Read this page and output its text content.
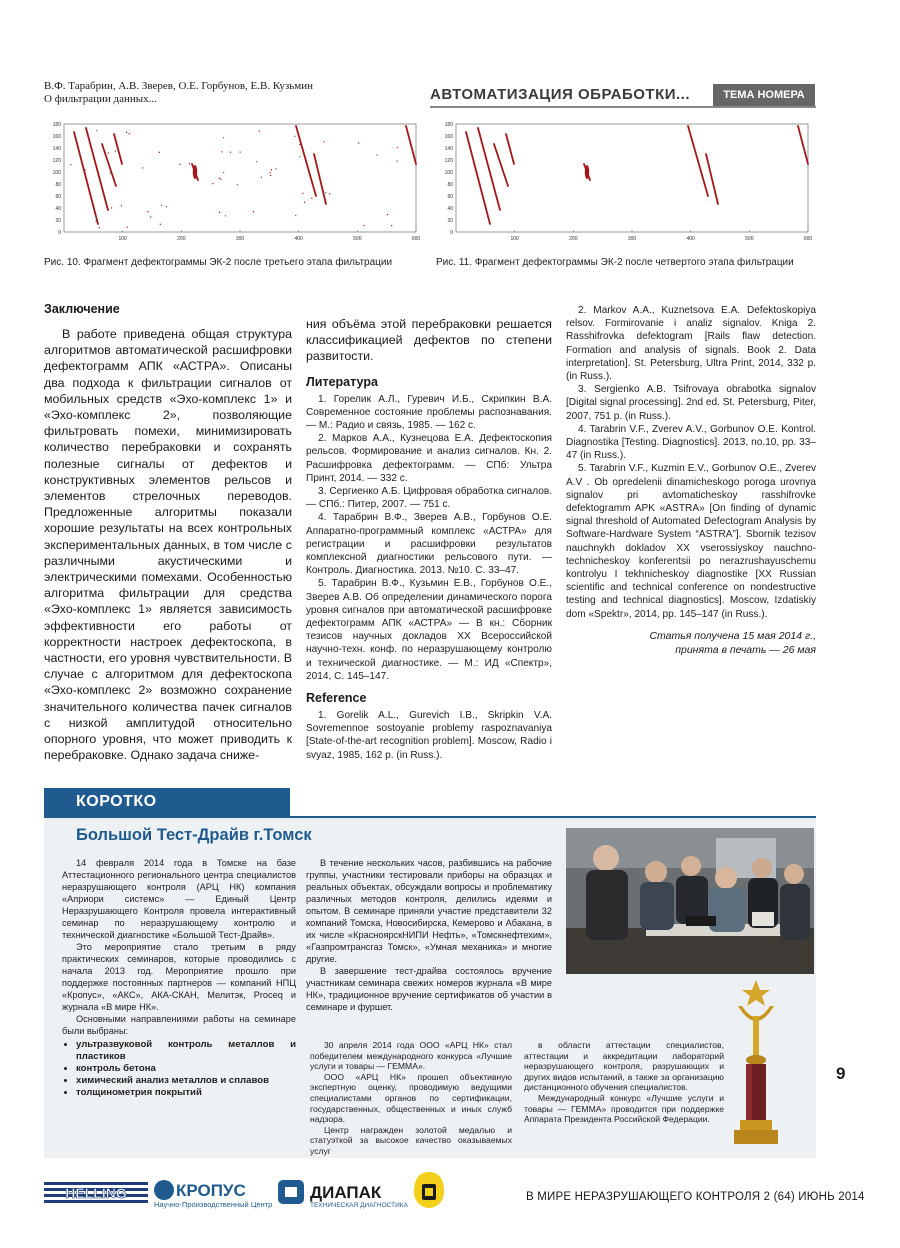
В.Ф. Тарабрин, А.В. Зверев, О.Е. Горбунов, Е.В. Кузьмин
О фильтрации данных...	АВТОМАТИЗАЦИЯ ОБРАБОТКИ...	ТЕМА НОМЕРА
180
160
140
120
100
80
60
40
20
0
100	200	300	400	500	600
Рис. 10. Фрагмент дефектограммы ЭК-2 после третьего этапа фильтрации
180
160
140
120
100
80
60
40
20
0
100	200	300	400	500	600
Рис. 11. Фрагмент дефектограммы ЭК-2 после четвертого этапа фильтрации
Заключение

В работе приведена общая структура алгоритмов автоматической расшифровки дефектограмм АПК «АСТРА». Описаны два подхода к фильтрации сигналов от мобильных средств «Эхо-комплекс 1» и «Эхо-комплекс 2», позволяющие фильтровать помехи, минимизировать количество перебраковки и сохранять полезные сигналы от дефектов и конструктивных элементов рельсов и элементов стрелочных переводов. Предложенные алгоритмы показали хорошие результаты на всех контрольных экспериментальных данных, в том числе с различными акустическими и электрическими помехами. Особенностью алгоритма фильтрации для средства «Эхо-комплекс 1» является зависимость эффективности его работы от корректности настроек дефектоскопа, в частности, его уровня чувствительности. В случае с алгоритмом для дефектоскопа «Эхо-комплекс 2» возможно сохранение значительного количества пачек сигналов с низкой амплитудой относительно опорного уровня, что может приводить к перебраковке. Однако задача сниже-

ния объёма этой перебраковки решается классификацией дефектов по степени развитости.

Литература

1. Горелик А.Л., Гуревич И.Б., Скрипкин В.А. Современное состояние проблемы распознавания. — М.: Радио и связь, 1985. — 162 с.

2. Марков А.А., Кузнецова Е.А. Дефектоскопия рельсов. Формирование и анализ сигналов. Кн. 2. Расшифровка дефектограмм. — СПб: Ультра Принт, 2014. — 332 с.

3. Сергиенко А.Б. Цифровая обработка сигналов. — СПб.: Питер, 2007. — 751 с.

4. Тарабрин В.Ф., Зверев А.В., Горбунов О.Е. Аппаратно-программный комплекс «АСТРА» для регистрации и расшифровки результатов комплексной диагностики рельсового пути. — Контроль. Диагностика. 2013. №10. С. 33–47.

5. Тарабрин В.Ф., Кузьмин Е.В., Горбунов О.Е., Зверев А.В. Об определении динамического порога уровня сигналов при автоматической расшифровке дефектограмм АПК «АСТРА» — В кн.: Сборник тезисов научных докладов XX Всероссийской научно-техн. конф. по неразрушающему контролю и технической диагностике. — М.: ИД «Спектр», 2014, С. 145–147.

Reference

1. Gorelik A.L., Gurevich I.B., Skripkin V.A. Sovremennoe sostoyanie problemy raspoznavaniya [State-of-the-art recognition problem]. Moscow, Radio i svyaz, 1985, 162 p. (in Russ.).

2. Markov A.A., Kuznetsova E.A. Defektoskopiya relsov. Formirovanie i analiz signalov. Kniga 2. Rasshifrovka defektogram [Rails flaw detection. Formation and analysis of signals. Book 2. Data interpretation]. St. Petersburg, Ultra Print, 2014, 332 p. (in Russ.).

3. Sergienko A.B. Tsifrovaya obrabotka signalov [Digital signal processing]. 2nd ed. St. Petersburg, Piter, 2007, 751 p. (in Russ.).

4. Tarabrin V.F., Zverev A.V., Gorbunov O.E. Kontrol. Diagnostika [Testing. Diagnostics]. 2013, no.10, pp. 33–47 (in Russ.).

5. Tarabrin V.F., Kuzmin E.V., Gorbunov O.E., Zverev A.V . Ob opredelenii dinamicheskogo poroga urovnya signalov pri avtomaticheskoy rasshifrovke defektogramm APK «ASTRA» [On finding of dynamic signal threshold of Automated Defectogram Analysis by Software-Hardware System “ASTRA”]. Sbornik tezisov nauchnykh dokladov XX vserossiyskoy nauchno-technicheskoy konferentsii po nerazrushayuschemu kontrolyu I tekhnicheskoy diagnostike [XX Russian scientific and technical conference on nondestructive testing and technical diagnostics]. Moscow, Izdatiskiy dom «Spektr», 2014, pp. 145–147 (in Russ.).

Статья получена 15 мая 2014 г.,
принята в печать — 26 мая
КОРОТКО
Большой Тест-Драйв г.Томск

14 февраля 2014 года в Томске на базе Аттестационного регионального центра специалистов неразрушающего контроля (АРЦ НК) компания «Априори системс» — Единый Центр Неразрушающего Контроля провела интерактивный семинар по неразрушающему контролю и технической диагностике «Большой Тест-Драйв».

Это мероприятие стало третьим в ряду практических семинаров, которые проводились с начала 2013 год. Мероприятие прошло при поддержке постоянных партнеров — компаний НПЦ «Кропус», «АКС», АКА-СКАН, Мелитэк, Proceq и журнала «В мире НК».

Основными направлениями работы на семинаре были выбраны:

• ультразвуковой контроль металлов и пластиков
• контроль бетона
• химический анализ металлов и сплавов
• толщинометрия покрытий

В течение нескольких часов, разбившись на рабочие группы, участники тестировали приборы на образцах и реальных объектах, обсуждали вопросы и проблематику различных методов контроля, делились идеями и опытом. В семинаре приняли участие представители 32 компаний Томска, Новосибирска, Кемерово и Абакана, в их числе «КрасноярскНИПИ Нефть», «Томскнефтехим», «Газпромтрансгаз Томск», «Умная механика» и многие другие.

В завершение тест-драйва состоялось вручение участникам семинара свежих номеров журнала «В мире НК», традиционное вручение сертификатов об участии в семинаре и фуршет.

30 апреля 2014 года ООО «АРЦ НК» стал победителем международного конкурса «Лучшие услуги и товары — ГЕММА».

ООО «АРЦ НК» прошел объективную экспертную оценку, проводимую ведущими специалистами органов по сертификации, государственных, общественных и иных служб надзора.

Центр награжден золотой медалью и статуэткой за высокое качество оказываемых услуг

в области аттестации специалистов, аттестации и аккредитации лабораторий неразрушающего контроля, разрушающих и других видов испытаний, а также за организацию дистанционного обучения специалистов.

Международный конкурс «Лучшие услуги и товары — ГЕММА» проводится при поддержке Аппарата Президента Российской Федерации.

9
HELLING	КРОПУС
Научно-Производственный Центр
ДИАПАК
ТЕХНИЧЕСКАЯ ДИАГНОСТИКА
В МИРЕ НЕРАЗРУШАЮЩЕГО КОНТРОЛЯ 2 (64) ИЮНЬ 2014
